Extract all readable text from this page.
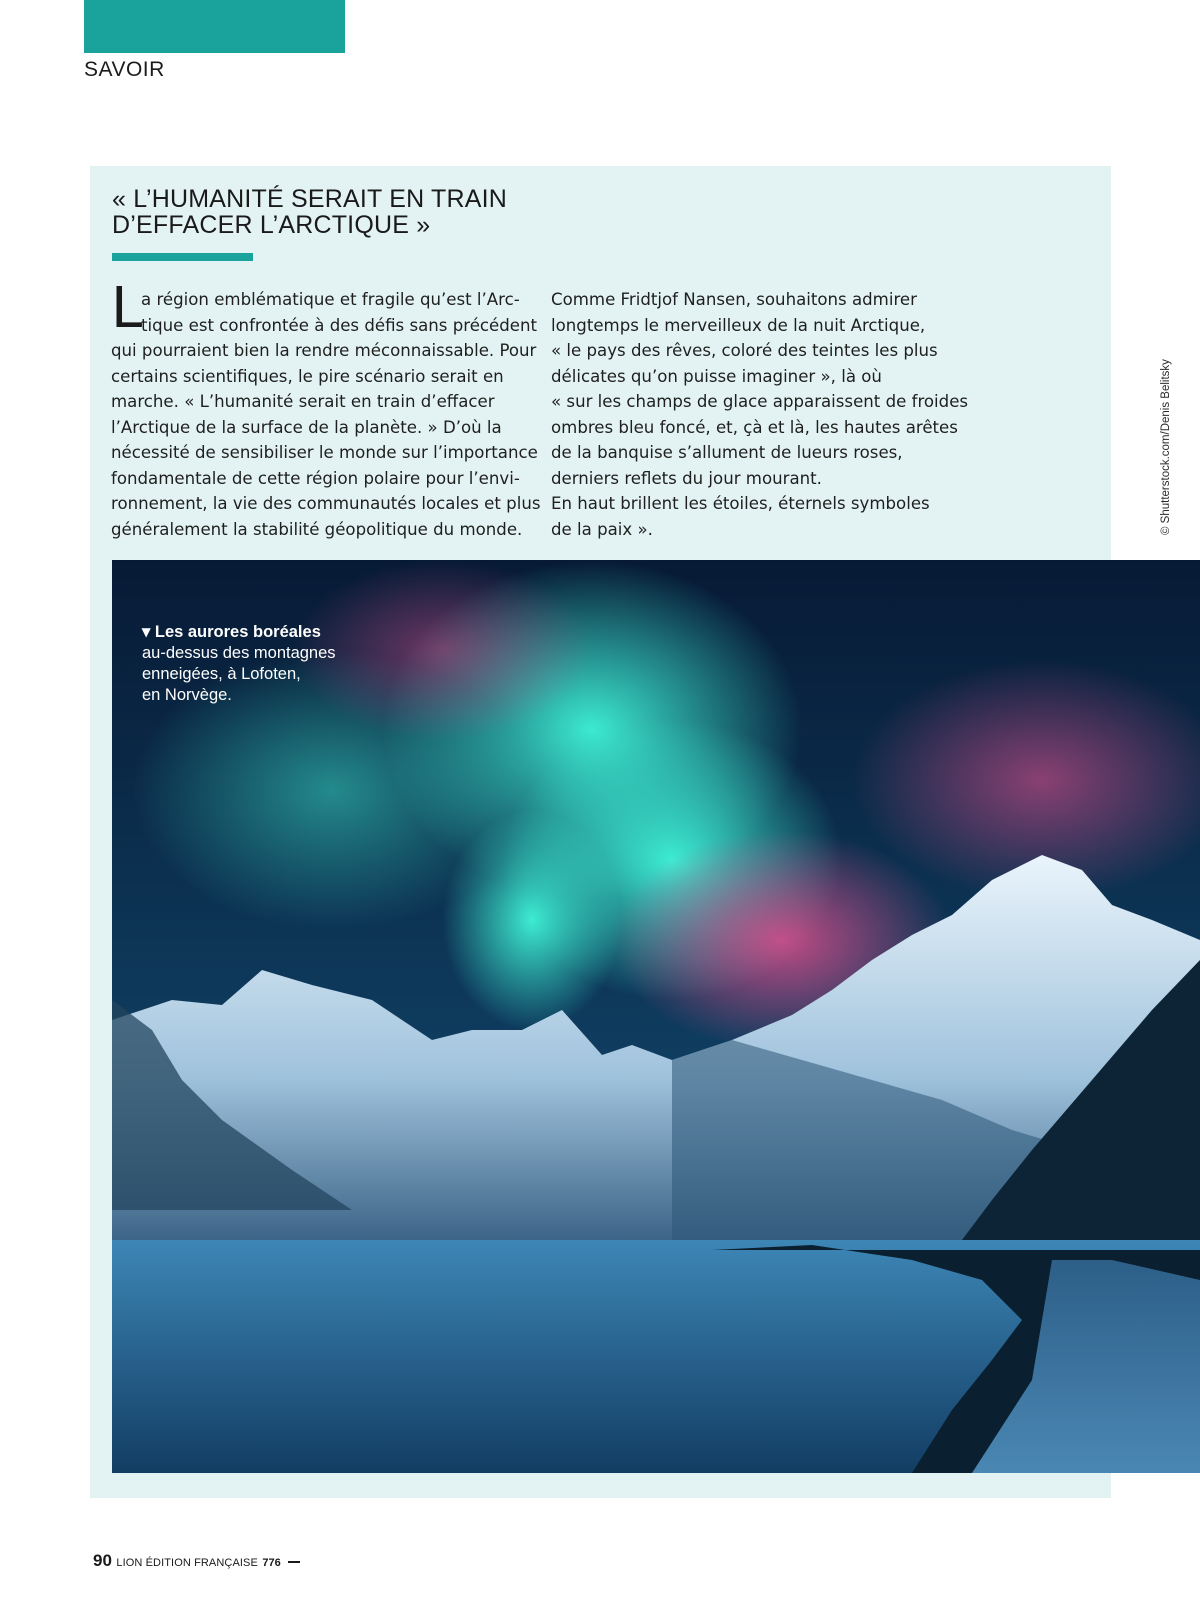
SAVOIR
« L’HUMANITÉ SERAIT EN TRAIN
D’EFFACER L’ARCTIQUE »
L

a région emblématique et fragile qu’est l’Arc-

tique est confrontée à des défis sans précédent

qui pourraient bien la rendre méconnaissable. Pour

certains scientifiques, le pire scénario serait en

marche. « L’humanité serait en train d’effacer

l’Arctique de la surface de la planète. » D’où la

nécessité de sensibiliser le monde sur l’importance

fondamentale de cette région polaire pour l’envi-

ronnement, la vie des communautés locales et plus

généralement la stabilité géopolitique du monde.

Comme Fridtjof Nansen, souhaitons admirer

longtemps le merveilleux de la nuit Arctique,

« le pays des rêves, coloré des teintes les plus

délicates qu’on puisse imaginer », là où

« sur les champs de glace apparaissent de froides

ombres bleu foncé, et, çà et là, les hautes arêtes

de la banquise s’allument de lueurs roses,

derniers reflets du jour mourant.

En haut brillent les étoiles, éternels symboles

de la paix ».	© Shutterstock.com/Denis Belitsky
▾ Les aurores boréales
au-dessus des montagnes
enneigées, à Lofoten,
en Norvège.
90 LION ÉDITION FRANÇAISE 776
